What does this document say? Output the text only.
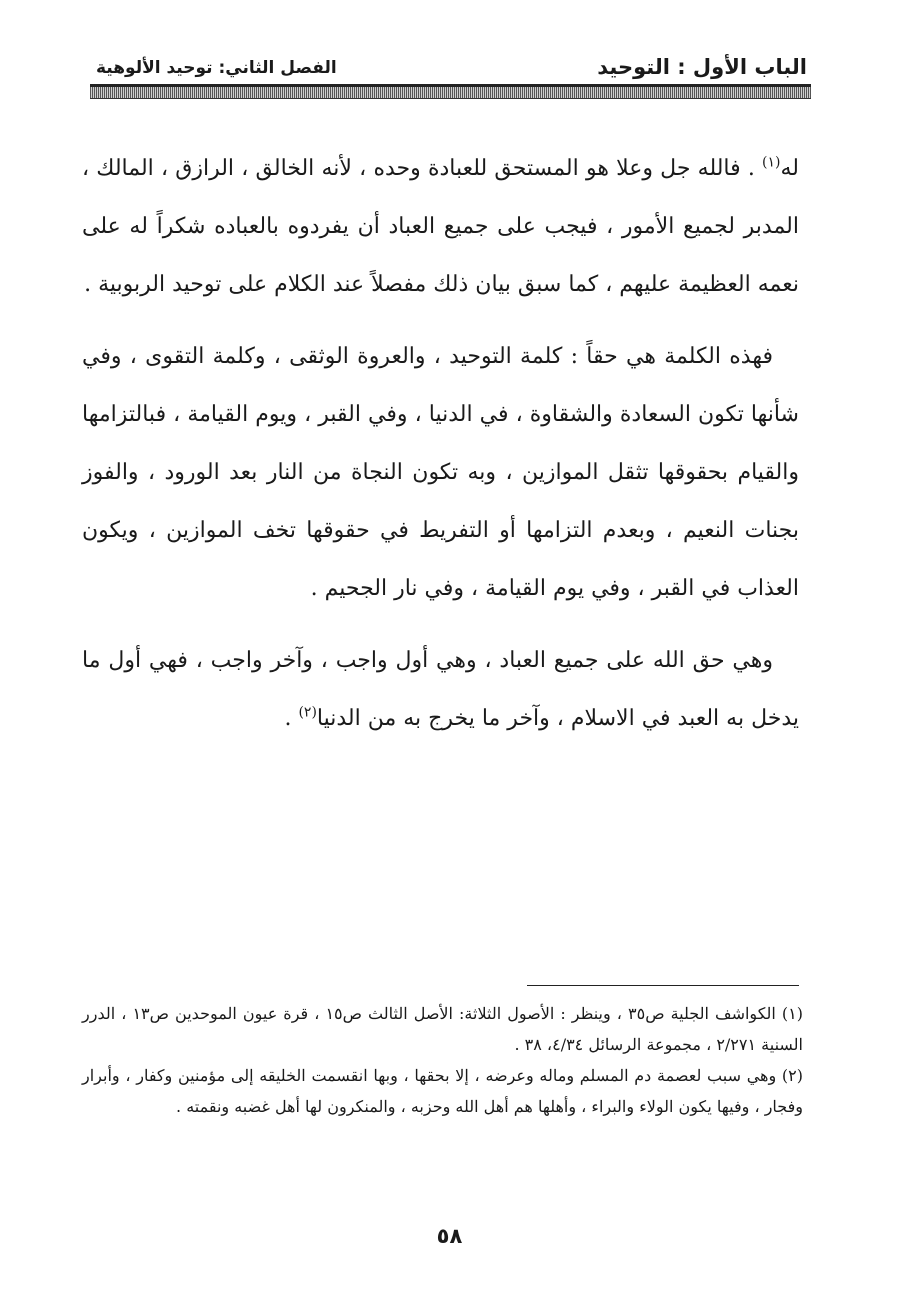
الباب الأول : التوحيد
الفصل الثاني: توحيد الألوهية

له$^{(١)}$ . فالله جل وعلا هو المستحق للعبادة وحده ، لأنه الخالق ، الرازق ، المالك ، المدبر لجميع الأمور ، فيجب على جميع العباد أن يفردوه بالعباده شكراً له على نعمه العظيمة عليهم ، كما سبق بيان ذلك مفصلاً عند الكلام على توحيد الربوبية .

فهذه الكلمة هي حقاً : كلمة التوحيد ، والعروة الوثقى ، وكلمة التقوى ، وفي شأنها تكون السعادة والشقاوة ، في الدنيا ، وفي القبر ، ويوم القيامة ، فبالتزامها والقيام بحقوقها تثقل الموازين ، وبه تكون النجاة من النار بعد الورود ، والفوز بجنات النعيم ، وبعدم التزامها أو التفريط في حقوقها تخف الموازين ، ويكون العذاب في القبر ، وفي يوم القيامة ، وفي نار الجحيم .

وهي حق الله على جميع العباد ، وهي أول واجب ، وآخر واجب ، فهي أول ما يدخل به العبد في الاسلام ، وآخر ما يخرج به من الدنيا$^{(٢)}$ .

(١) الكواشف الجلية ص٣٥ ، وينظر : الأصول الثلاثة: الأصل الثالث ص١٥ ، قرة عيون الموحدين ص١٣ ، الدرر السنية ٢/٢٧١ ، مجموعة الرسائل ٤/٣٤، ٣٨ .

(٢) وهي سبب لعصمة دم المسلم وماله وعرضه ، إلا بحقها ، وبها انقسمت الخليقه إلى مؤمنين وكفار ، وأبرار وفجار ، وفيها يكون الولاء والبراء ، وأهلها هم أهل الله وحزبه ، والمنكرون لها أهل غضبه ونقمته .

٥٨
